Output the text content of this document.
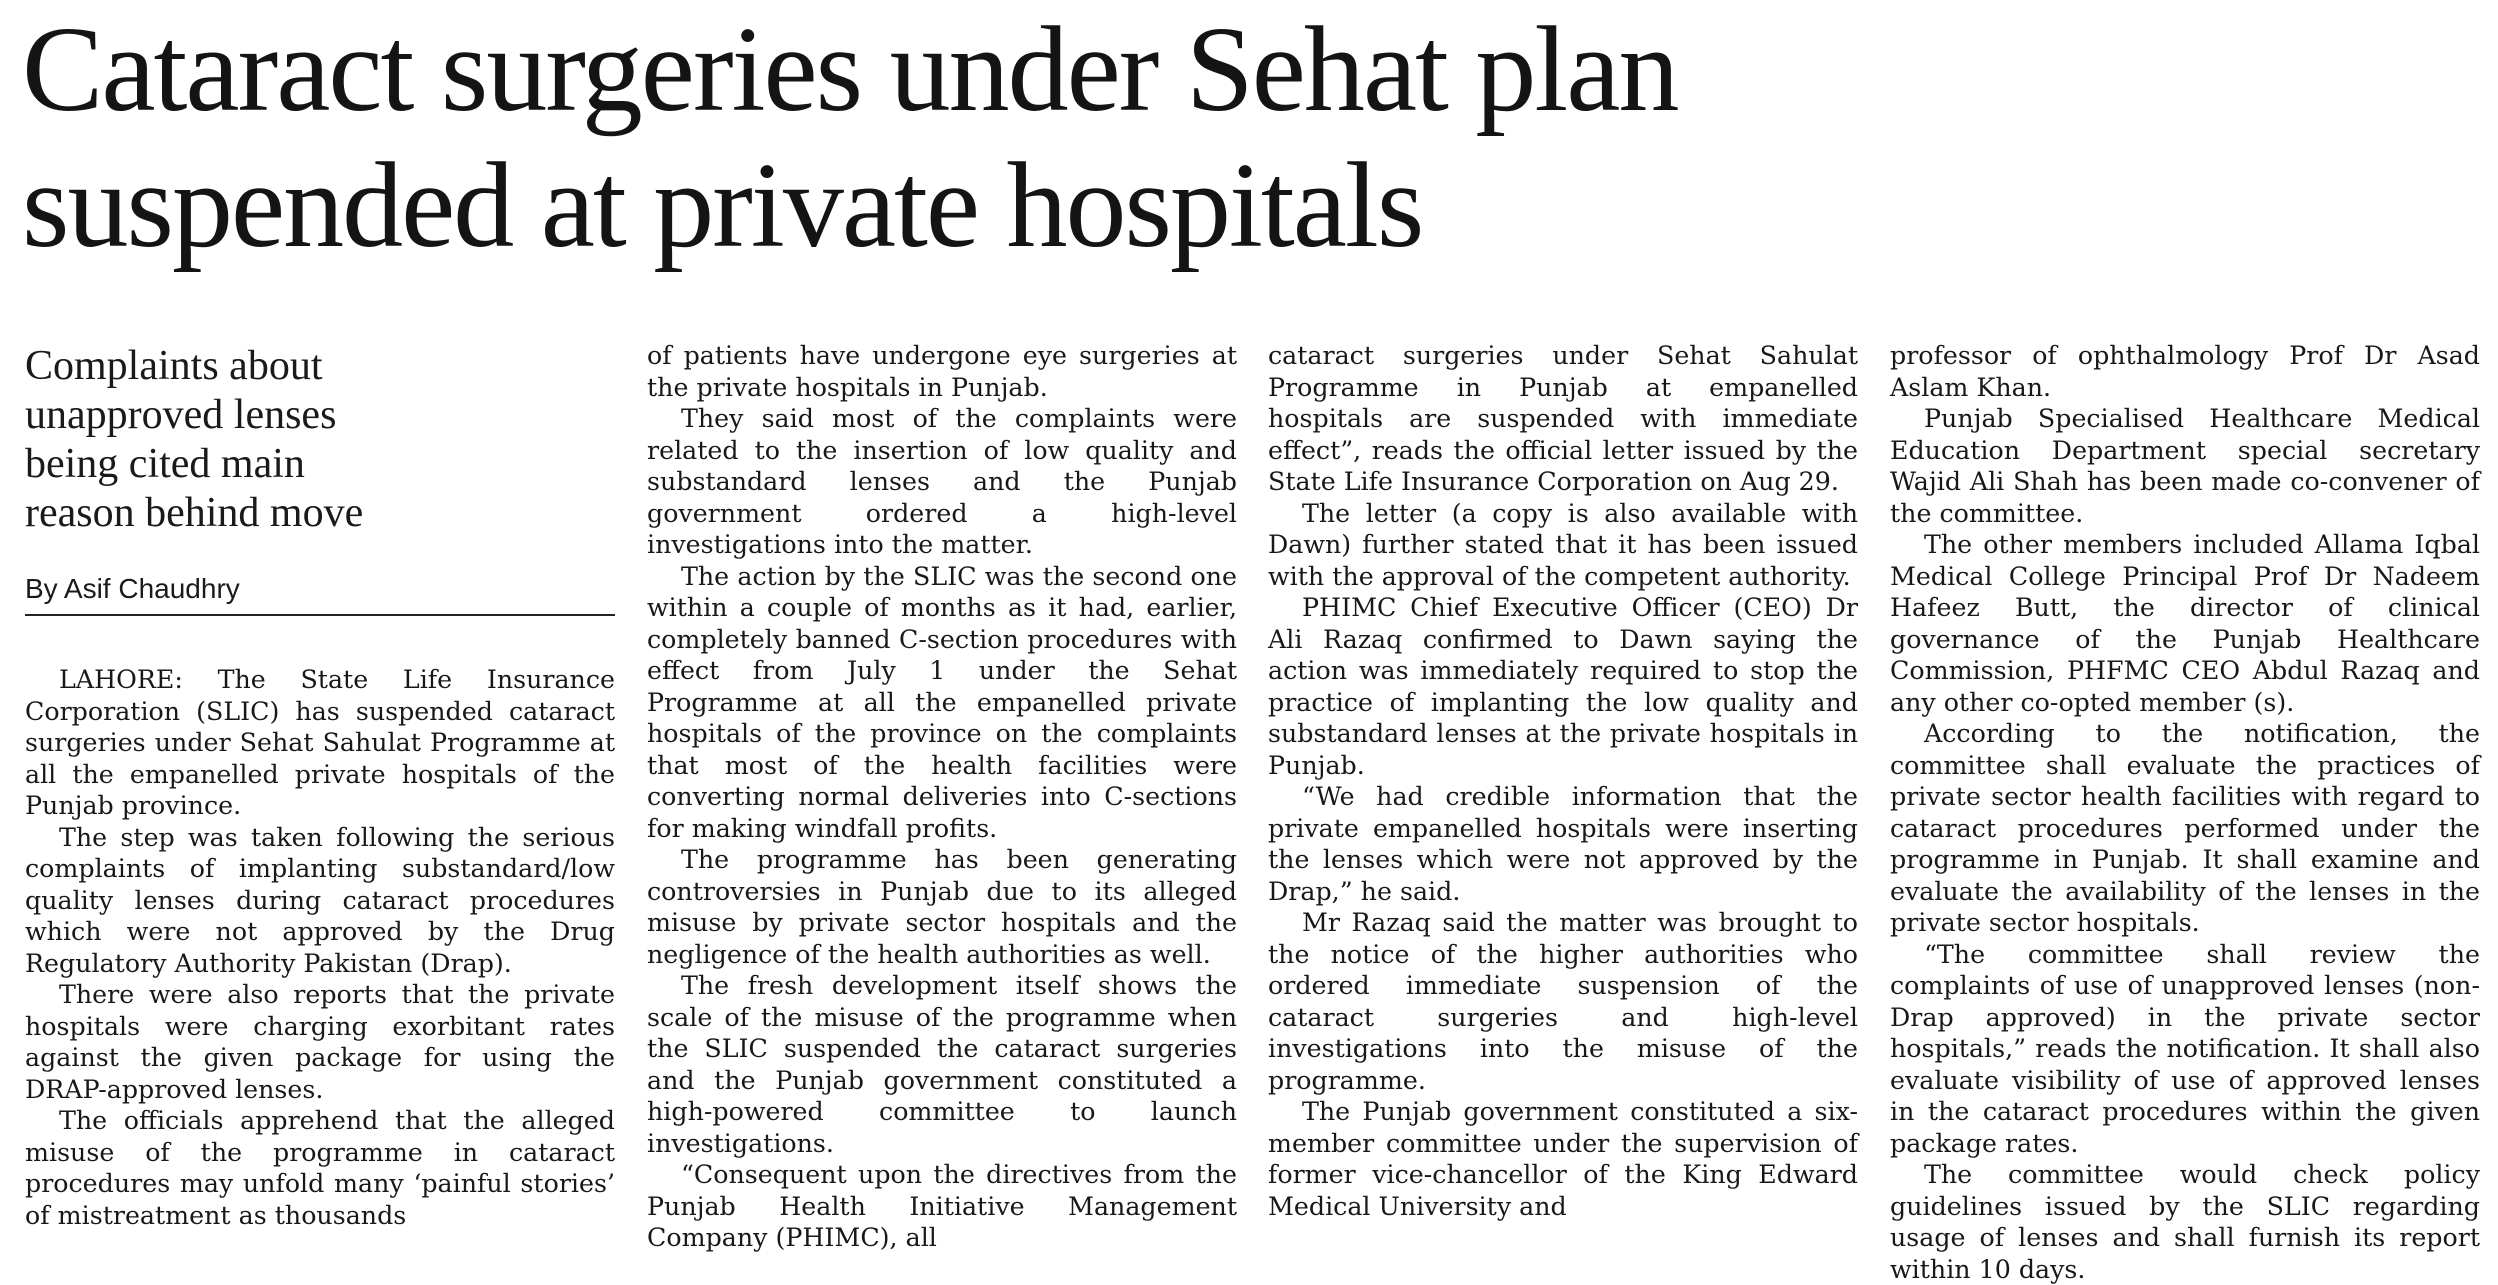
Cataract surgeries under Sehat plan
suspended at private hospitals
Complaints about
unapproved lenses
being cited main
reason behind move
By Asif Chaudhry

LAHORE: The State Life Insurance Corporation (SLIC) has suspended cataract surgeries under Sehat Sahulat Programme at all the empanelled private hospitals of the Punjab province.

The step was taken following the serious complaints of implanting substandard/low quality lenses during cataract procedures which were not approved by the Drug Regulatory Authority Pakistan (Drap).

There were also reports that the private hospitals were charging exorbitant rates against the given package for using the DRAP-approved lenses.

The officials apprehend that the alleged misuse of the programme in cataract procedures may unfold many ‘painful stories’ of mistreatment as thousands

of patients have undergone eye surgeries at the private hospitals in Punjab.

They said most of the complaints were related to the insertion of low quality and substandard lenses and the Punjab government ordered a high-level investigations into the matter.

The action by the SLIC was the second one within a couple of months as it had, earlier, completely banned C-section procedures with effect from July 1 under the Sehat Programme at all the empanelled private hospitals of the province on the complaints that most of the health facilities were converting normal deliveries into C-sections for making windfall profits.

The programme has been generating controversies in Punjab due to its alleged misuse by private sector hospitals and the negligence of the health authorities as well.

The fresh development itself shows the scale of the misuse of the programme when the SLIC suspended the cataract surgeries and the Punjab government constituted a high-powered committee to launch investigations.

“Consequent upon the directives from the Punjab Health Initiative Management Company (PHIMC), all

cataract surgeries under Sehat Sahulat Programme in Punjab at empanelled hospitals are suspended with immediate effect”, reads the official letter issued by the State Life Insurance Corporation on Aug 29.

The letter (a copy is also available with Dawn) further stated that it has been issued with the approval of the competent authority.

PHIMC Chief Executive Officer (CEO) Dr Ali Razaq confirmed to Dawn saying the action was immediately required to stop the practice of implanting the low quality and substandard lenses at the private hospitals in Punjab.

“We had credible information that the private empanelled hospitals were inserting the lenses which were not approved by the Drap,” he said.

Mr Razaq said the matter was brought to the notice of the higher authorities who ordered immediate suspension of the cataract surgeries and high-level investigations into the misuse of the programme.

The Punjab government constituted a six-member committee under the supervision of former vice-chancellor of the King Edward Medical University and

professor of ophthalmology Prof Dr Asad Aslam Khan.

Punjab Specialised Healthcare Medical Education Department special secretary Wajid Ali Shah has been made co-convener of the committee.

The other members included Allama Iqbal Medical College Principal Prof Dr Nadeem Hafeez Butt, the director of clinical governance of the Punjab Healthcare Commission, PHFMC CEO Abdul Razaq and any other co-opted member (s).

According to the notification, the committee shall evaluate the practices of private sector health facilities with regard to cataract procedures performed under the programme in Punjab. It shall examine and evaluate the availability of the lenses in the private sector hospitals.

“The committee shall review the complaints of use of unapproved lenses (non-Drap approved) in the private sector hospitals,” reads the notification. It shall also evaluate visibility of use of approved lenses in the cataract procedures within the given package rates.

The committee would check policy guidelines issued by the SLIC regarding usage of lenses and shall furnish its report within 10 days.
